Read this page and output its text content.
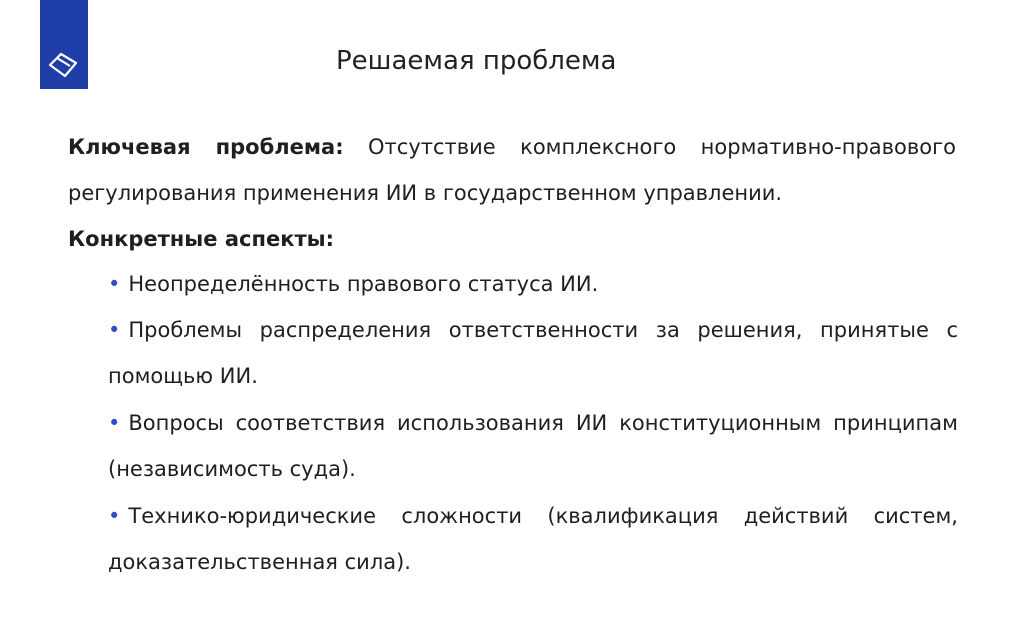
Решаемая проблема
Ключевая проблема: Отсутствие комплексного нормативно-правового регулирования применения ИИ в государственном управлении.
Конкретные аспекты:
• Неопределённость правового статуса ИИ.
• Проблемы распределения ответственности за решения, принятые с помощью ИИ.
• Вопросы соответствия использования ИИ конституционным принципам (независимость суда).
• Технико-юридические сложности (квалификация действий систем, доказательственная сила).
